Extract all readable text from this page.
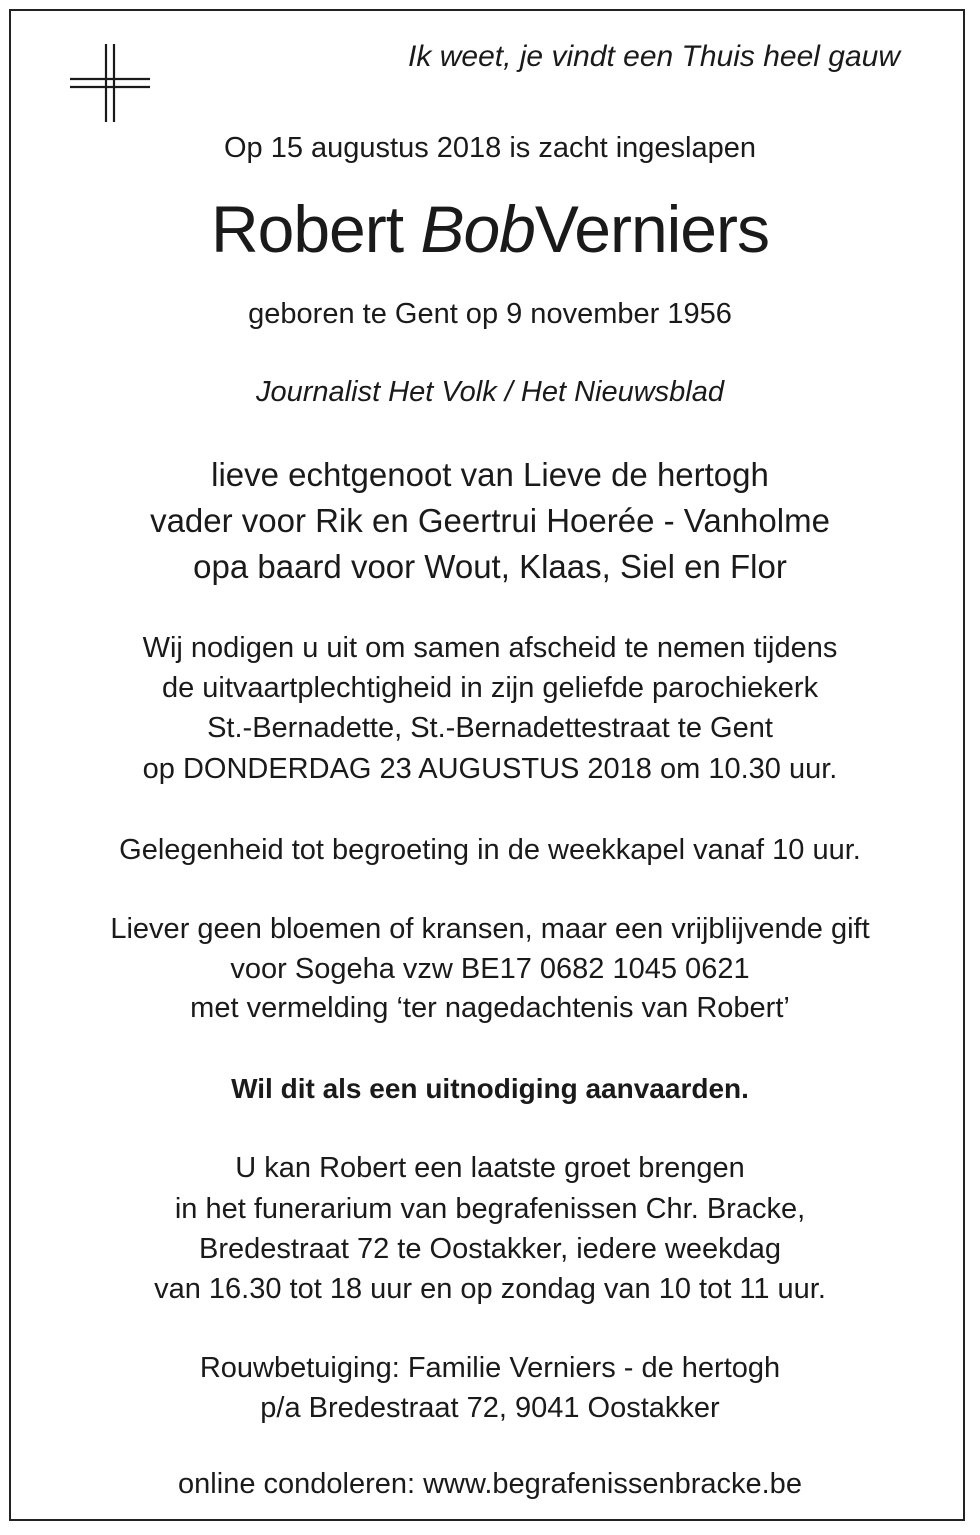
Ik weet, je vindt een Thuis heel gauw
Op 15 augustus 2018 is zacht ingeslapen
Robert BobVerniers
geboren te Gent op 9 november 1956
Journalist Het Volk / Het Nieuwsblad
lieve echtgenoot van Lieve de hertogh
vader voor Rik en Geertrui Hoerée - Vanholme
opa baard voor Wout, Klaas, Siel en Flor
Wij nodigen u uit om samen afscheid te nemen tijdens
de uitvaartplechtigheid in zijn geliefde parochiekerk
St.-Bernadette, St.-Bernadettestraat te Gent
op DONDERDAG 23 AUGUSTUS 2018 om 10.30 uur.
Gelegenheid tot begroeting in de weekkapel vanaf 10 uur.
Liever geen bloemen of kransen, maar een vrijblijvende gift
voor Sogeha vzw BE17 0682 1045 0621
met vermelding ‘ter nagedachtenis van Robert’
Wil dit als een uitnodiging aanvaarden.
U kan Robert een laatste groet brengen
in het funerarium van begrafenissen Chr. Bracke,
Bredestraat 72 te Oostakker, iedere weekdag
van 16.30 tot 18 uur en op zondag van 10 tot 11 uur.
Rouwbetuiging: Familie Verniers - de hertogh
p/a Bredestraat 72, 9041 Oostakker
online condoleren: www.begrafenissenbracke.be
